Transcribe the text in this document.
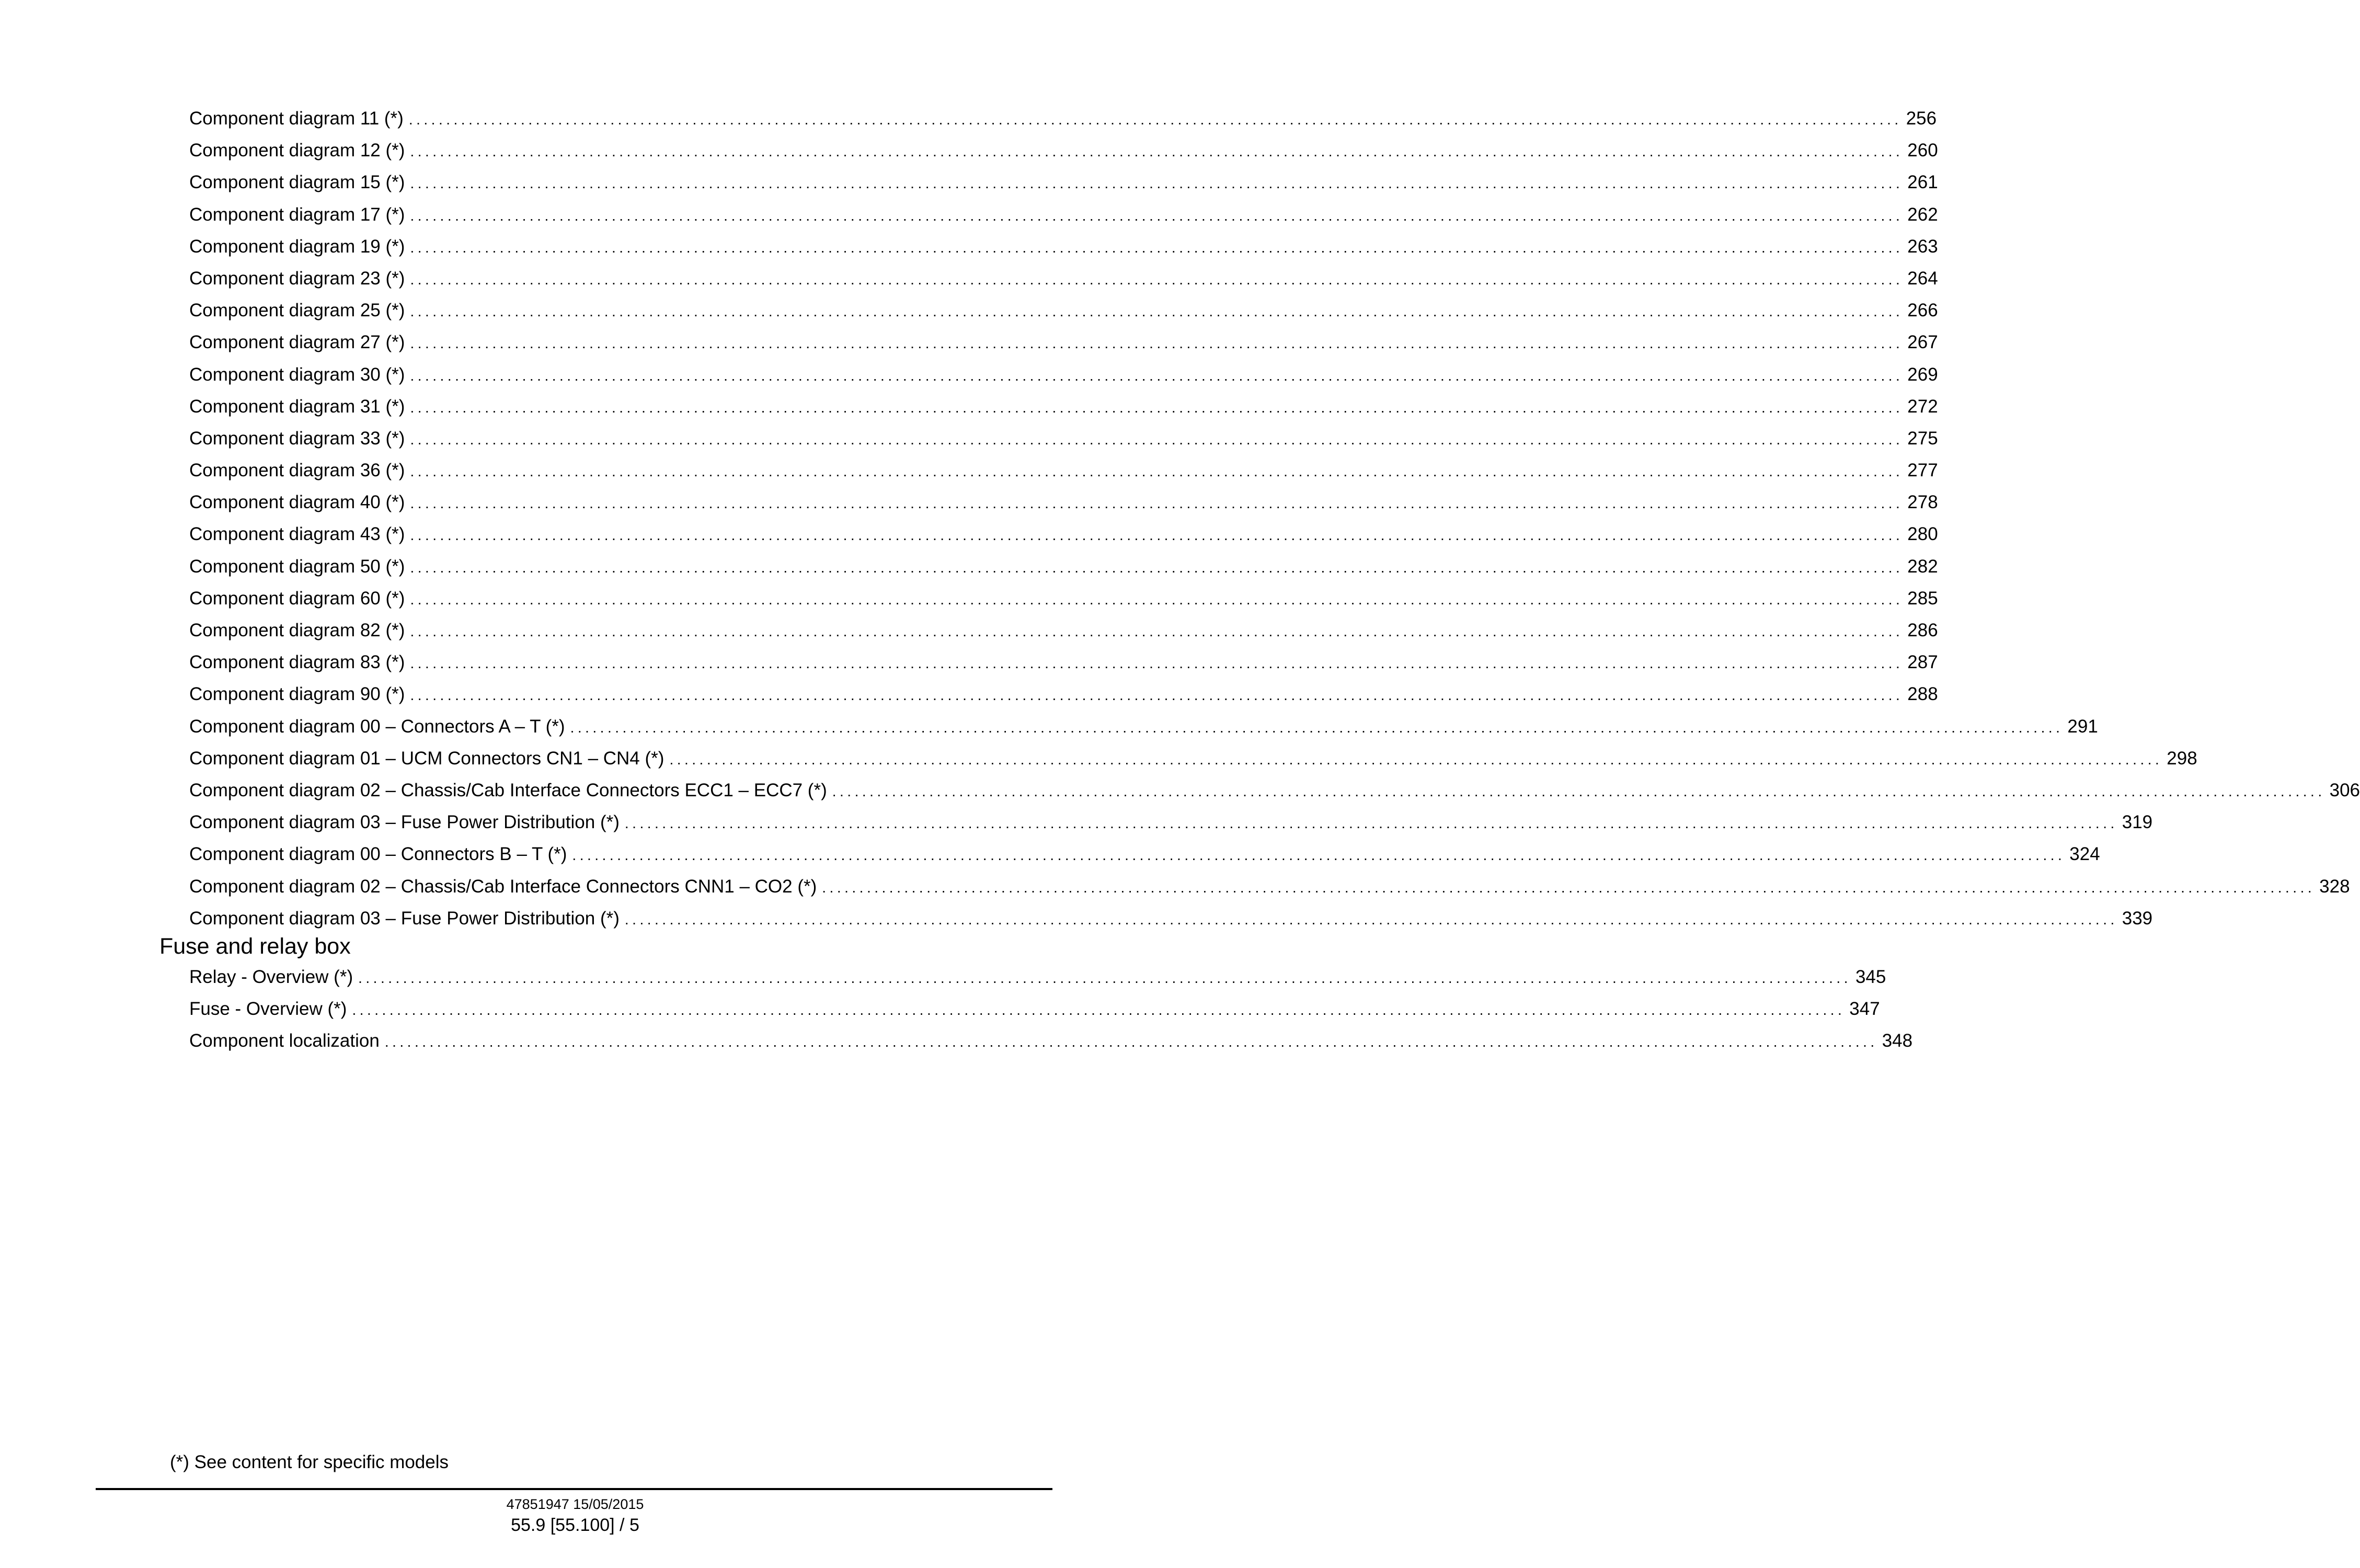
Component diagram 11 (*) ........................................................................................................................................................................................................ 256
Component diagram 12 (*) ........................................................................................................................................................................................................ 260
Component diagram 15 (*) ........................................................................................................................................................................................................ 261
Component diagram 17 (*) ........................................................................................................................................................................................................ 262
Component diagram 19 (*) ........................................................................................................................................................................................................ 263
Component diagram 23 (*) ........................................................................................................................................................................................................ 264
Component diagram 25 (*) ........................................................................................................................................................................................................ 266
Component diagram 27 (*) ........................................................................................................................................................................................................ 267
Component diagram 30 (*) ........................................................................................................................................................................................................ 269
Component diagram 31 (*) ........................................................................................................................................................................................................ 272
Component diagram 33 (*) ........................................................................................................................................................................................................ 275
Component diagram 36 (*) ........................................................................................................................................................................................................ 277
Component diagram 40 (*) ........................................................................................................................................................................................................ 278
Component diagram 43 (*) ........................................................................................................................................................................................................ 280
Component diagram 50 (*) ........................................................................................................................................................................................................ 282
Component diagram 60 (*) ........................................................................................................................................................................................................ 285
Component diagram 82 (*) ........................................................................................................................................................................................................ 286
Component diagram 83 (*) ........................................................................................................................................................................................................ 287
Component diagram 90 (*) ........................................................................................................................................................................................................ 288
Component diagram 00 – Connectors A – T (*) ........................................................................................................................................................................................................ 291
Component diagram 01 – UCM Connectors CN1 – CN4 (*) ........................................................................................................................................................................................................ 298
Component diagram 02 – Chassis/Cab Interface Connectors ECC1 – ECC7 (*) ........................................................................................................................................................................................................ 306
Component diagram 03 – Fuse Power Distribution (*) ........................................................................................................................................................................................................ 319
Component diagram 00 – Connectors B – T (*) ........................................................................................................................................................................................................ 324
Component diagram 02 – Chassis/Cab Interface Connectors CNN1 – CO2 (*) ........................................................................................................................................................................................................ 328
Component diagram 03 – Fuse Power Distribution (*) ........................................................................................................................................................................................................ 339
Fuse and relay box
Relay - Overview (*) ........................................................................................................................................................................................................ 345
Fuse - Overview (*) ........................................................................................................................................................................................................ 347
Component localization ........................................................................................................................................................................................................ 348
(*) See content for specific models
47851947 15/05/2015
55.9 [55.100] / 5
